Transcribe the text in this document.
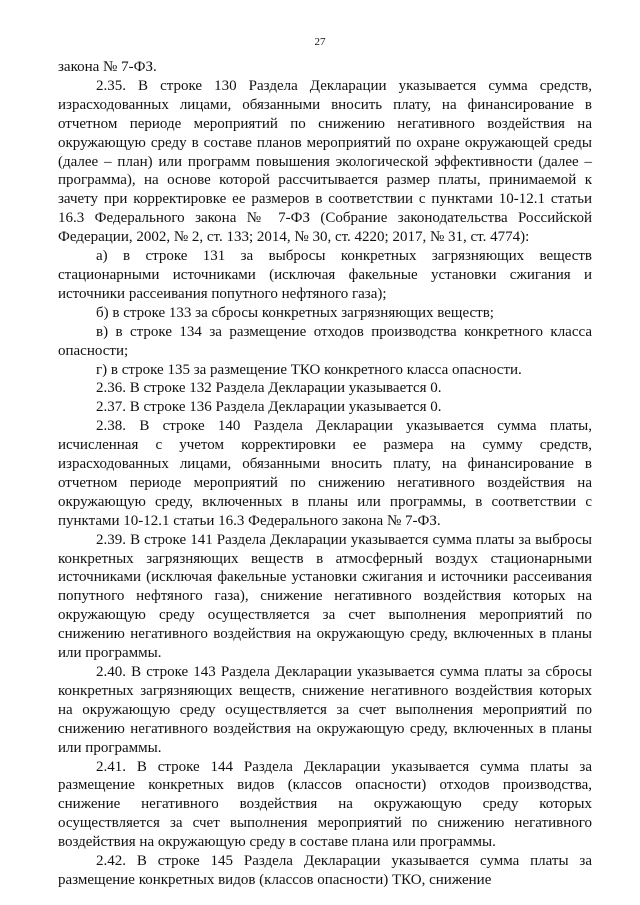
27

закона № 7-ФЗ.

2.35. В строке 130 Раздела Декларации указывается сумма средств, израсходованных лицами, обязанными вносить плату, на финансирование в отчетном периоде мероприятий по снижению негативного воздействия на окружающую среду в составе планов мероприятий по охране окружающей среды (далее – план) или программ повышения экологической эффективности (далее – программа), на основе которой рассчитывается размер платы, принимаемой к зачету при корректировке ее размеров в соответствии с пунктами 10-12.1 статьи 16.3 Федерального закона № 7-ФЗ (Собрание законодательства Российской Федерации, 2002, № 2, ст. 133; 2014, № 30, ст. 4220; 2017, № 31, ст. 4774):

а) в строке 131 за выбросы конкретных загрязняющих веществ стационарными источниками (исключая факельные установки сжигания и источники рассеивания попутного нефтяного газа);

б) в строке 133 за сбросы конкретных загрязняющих веществ;

в) в строке 134 за размещение отходов производства конкретного класса опасности;

г) в строке 135 за размещение ТКО конкретного класса опасности.

2.36. В строке 132 Раздела Декларации указывается 0.

2.37. В строке 136 Раздела Декларации указывается 0.

2.38. В строке 140 Раздела Декларации указывается сумма платы, исчисленная с учетом корректировки ее размера на сумму средств, израсходованных лицами, обязанными вносить плату, на финансирование в отчетном периоде мероприятий по снижению негативного воздействия на окружающую среду, включенных в планы или программы, в соответствии с пунктами 10-12.1 статьи 16.3 Федерального закона № 7-ФЗ.

2.39. В строке 141 Раздела Декларации указывается сумма платы за выбросы конкретных загрязняющих веществ в атмосферный воздух стационарными источниками (исключая факельные установки сжигания и источники рассеивания попутного нефтяного газа), снижение негативного воздействия которых на окружающую среду осуществляется за счет выполнения мероприятий по снижению негативного воздействия на окружающую среду, включенных в планы или программы.

2.40. В строке 143 Раздела Декларации указывается сумма платы за сбросы конкретных загрязняющих веществ, снижение негативного воздействия которых на окружающую среду осуществляется за счет выполнения мероприятий по снижению негативного воздействия на окружающую среду, включенных в планы или программы.

2.41. В строке 144 Раздела Декларации указывается сумма платы за размещение конкретных видов (классов опасности) отходов производства, снижение негативного воздействия на окружающую среду которых осуществляется за счет выполнения мероприятий по снижению негативного воздействия на окружающую среду в составе плана или программы.

2.42. В строке 145 Раздела Декларации указывается сумма платы за размещение конкретных видов (классов опасности) ТКО, снижение
